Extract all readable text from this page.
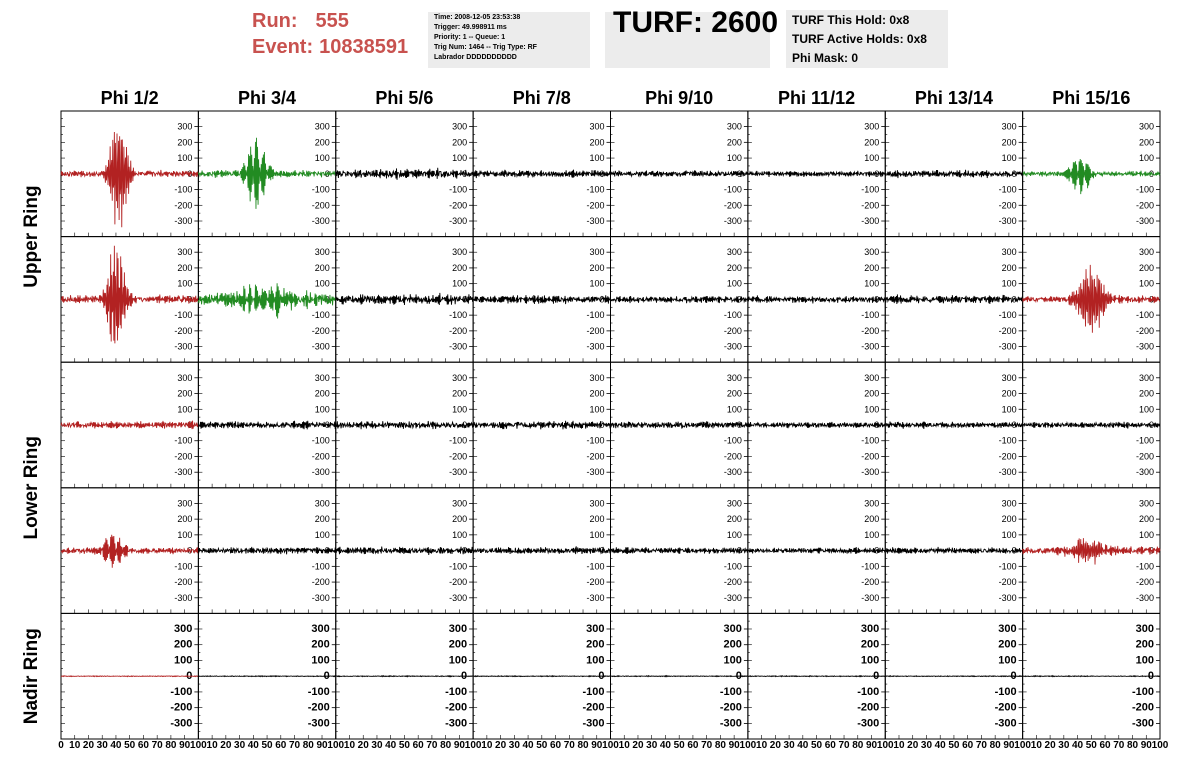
Run: 555
Event: 10838591
Time: 2008-12-05 23:53:38
Trigger: 49.998911 ms
Priority: 1 -- Queue: 1
Trig Num: 1464 -- Trig Type: RF
Labrador DDDDDDDDDD
TURF: 2600 TURF This Hold: 0x8
TURF Active Holds: 0x8
Phi Mask: 0
Phi 1/2	Phi 3/4	Phi 5/6	Phi 7/8	Phi 9/10	Phi 11/12	Phi 13/14	Phi 15/16
Upper Ring
Lower Ring
Nadir Ring
-300
-200
-100
0
100
200
300
-300
-200
-100
0
100
200
300
-300
-200
-100
0
100
200
300
-300
-200
-100
0
100
200
300
-300
-200
-100
0
100
200
300
-300
-200
-100
0
100
200
300
-300
-200
-100
0
100
200
300
-300
-200
-100
0
100
200
300
-300
-200
-100
0
100
200
300
-300
-200
-100
0
100
200
300
-300
-200
-100
0
100
200
300
-300
-200
-100
0
100
200
300
-300
-200
-100
0
100
200
300
-300
-200
-100
0
100
200
300
-300
-200
-100
0
100
200
300
-300
-200
-100
0
100
200
300
-300
-200
-100
0
100
200
300
-300
-200
-100
0
100
200
300
-300
-200
-100
0
100
200
300
-300
-200
-100
0
100
200
300
-300
-200
-100
0
100
200
300
-300
-200
-100
0
100
200
300
-300
-200
-100
0
100
200
300
-300
-200
-100
0
100
200
300
-300
-200
-100
0
100
200
300
-300
-200
-100
0
100
200
300
-300
-200
-100
0
100
200
300
-300
-200
-100
0
100
200
300
-300
-200
-100
0
100
200
300
-300
-200
-100
0
100
200
300
-300
-200
-100
0
100
200
300
-300
-200
-100
0
100
200
300
-300
-200
-100
0
100
200
300
-300
-200
-100
0
100
200
300
-300
-200
-100
0
100
200
300
-300
-200
-100
0
100
200
300
-300
-200
-100
0
100
200
300
-300
-200
-100
0
100
200
300
-300
-200
-100
0
100
200
300
-300
-200
-100
0
100
200
300
0 10 20 30 40 50 60 70 80 90 100 10 20 30 40 50 60 70 80 90 100 10 20 30 40 50 60 70 80 90 100 10 20 30 40 50 60 70 80 90 100 10 20 30 40 50 60 70 80 90 100 10 20 30 40 50 60 70 80 90 100 10 20 30 40 50 60 70 80 90 100 10 20 30 40 50 60 70 80 90 100
